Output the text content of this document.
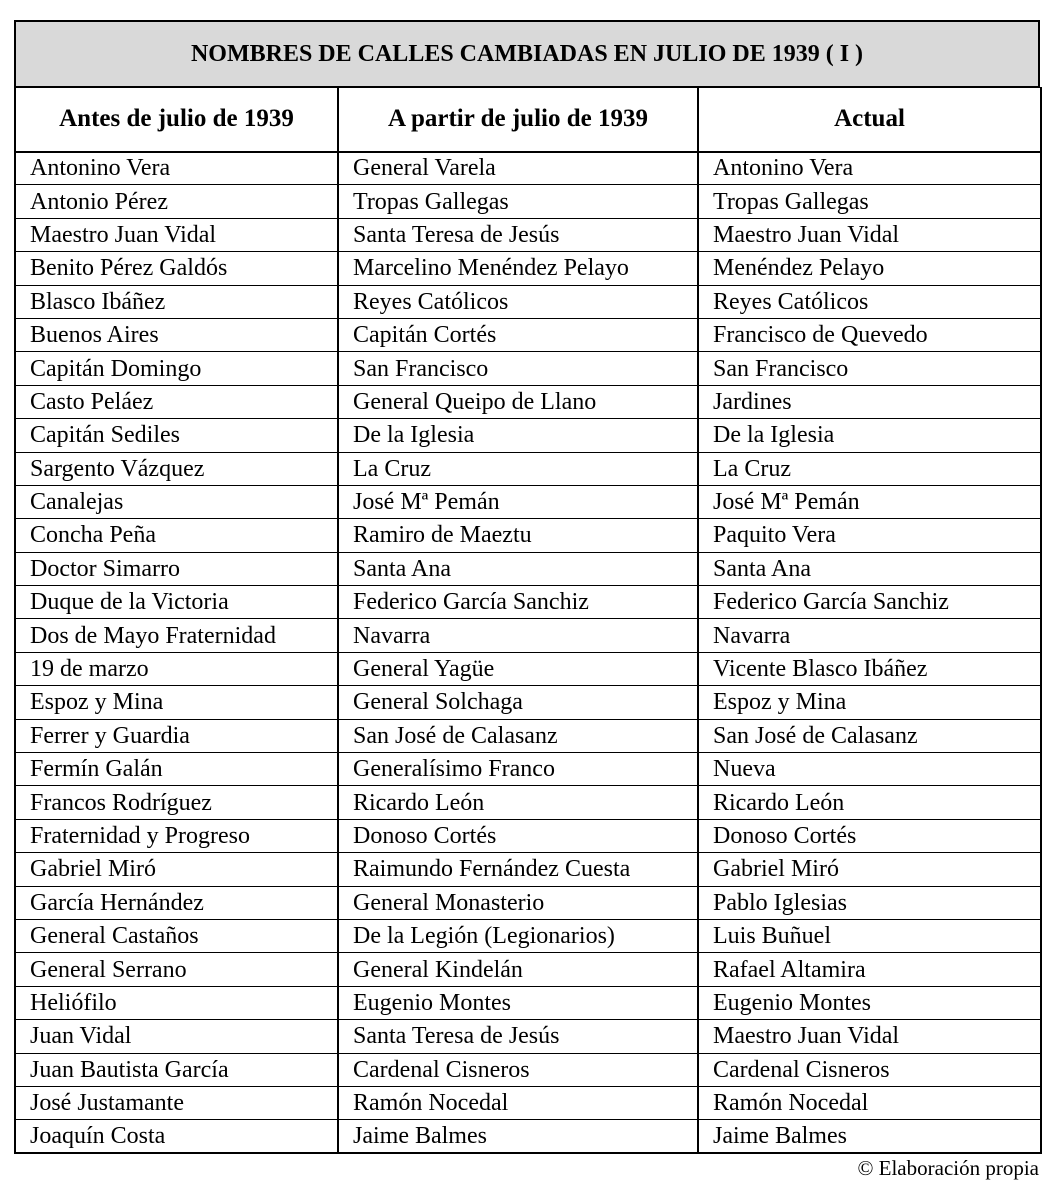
NOMBRES DE CALLES CAMBIADAS EN JULIO DE 1939 ( I )
Antes de julio de 1939	A partir de julio de 1939	Actual
Antonino Vera	General Varela	Antonino Vera
Antonio Pérez	Tropas Gallegas	Tropas Gallegas
Maestro Juan Vidal	Santa Teresa de Jesús	Maestro Juan Vidal
Benito Pérez Galdós	Marcelino Menéndez Pelayo	Menéndez Pelayo
Blasco Ibáñez	Reyes Católicos	Reyes Católicos
Buenos Aires	Capitán Cortés	Francisco de Quevedo
Capitán Domingo	San Francisco	San Francisco
Casto Peláez	General Queipo de Llano	Jardines
Capitán Sediles	De la Iglesia	De la Iglesia
Sargento Vázquez	La Cruz	La Cruz
Canalejas	José Mª Pemán	José Mª Pemán
Concha Peña	Ramiro de Maeztu	Paquito Vera
Doctor Simarro	Santa Ana	Santa Ana
Duque de la Victoria	Federico García Sanchiz	Federico García Sanchiz
Dos de Mayo Fraternidad	Navarra	Navarra
19 de marzo	General Yagüe	Vicente Blasco Ibáñez
Espoz y Mina	General Solchaga	Espoz y Mina
Ferrer y Guardia	San José de Calasanz	San José de Calasanz
Fermín Galán	Generalísimo Franco	Nueva
Francos Rodríguez	Ricardo León	Ricardo León
Fraternidad y Progreso	Donoso Cortés	Donoso Cortés
Gabriel Miró	Raimundo Fernández Cuesta	Gabriel Miró
García Hernández	General Monasterio	Pablo Iglesias
General Castaños	De la Legión (Legionarios)	Luis Buñuel
General Serrano	General Kindelán	Rafael Altamira
Heliófilo	Eugenio Montes	Eugenio Montes
Juan Vidal	Santa Teresa de Jesús	Maestro Juan Vidal
Juan Bautista García	Cardenal Cisneros	Cardenal Cisneros
José Justamante	Ramón Nocedal	Ramón Nocedal
Joaquín Costa	Jaime Balmes	Jaime Balmes
© Elaboración propia
